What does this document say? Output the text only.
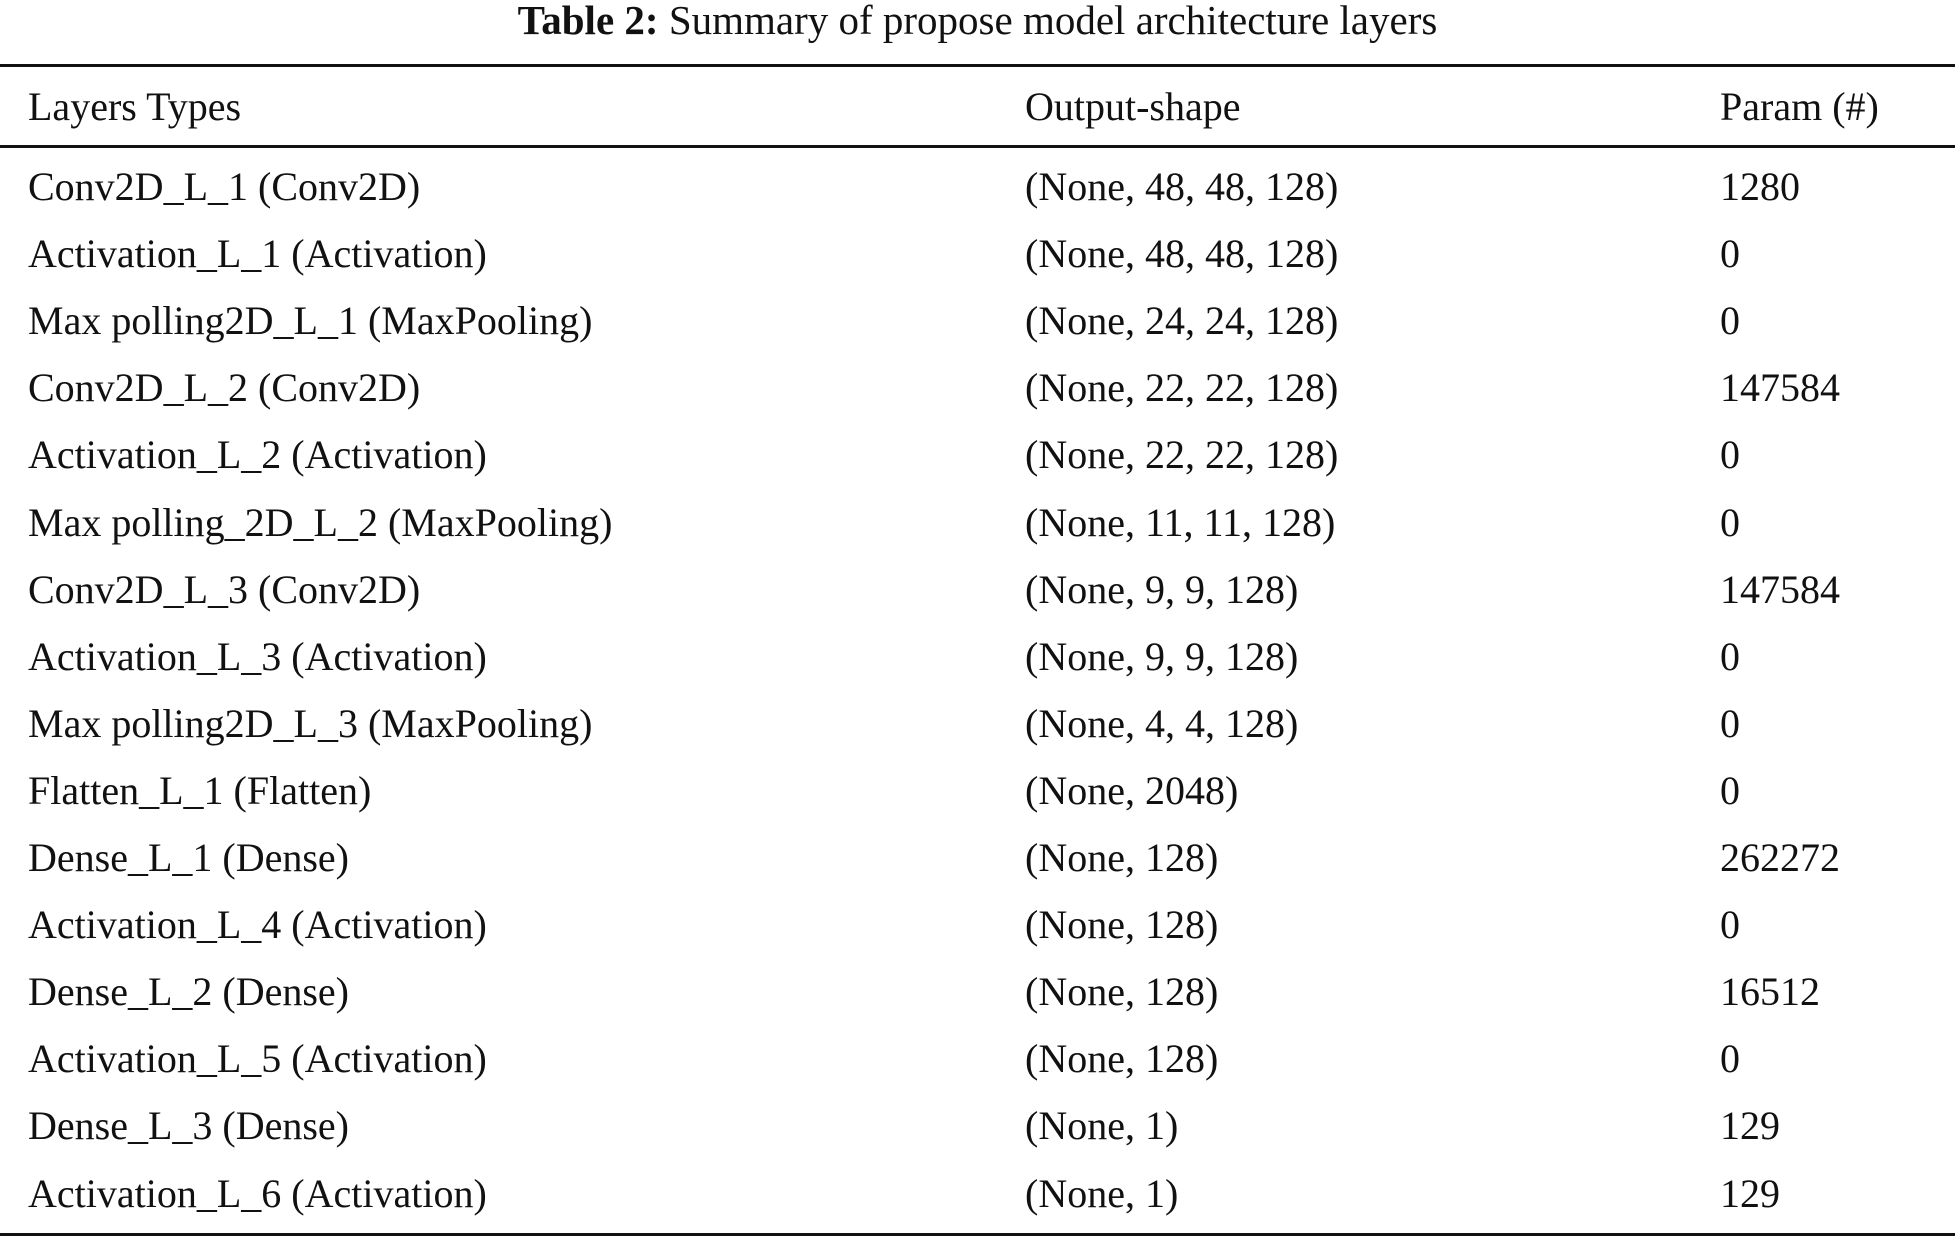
Table 2: Summary of propose model architecture layers
Layers Types	Output-shape	Param (#)
Conv2D_L_1 (Conv2D)	(None, 48, 48, 128)	1280
Activation_L_1 (Activation)	(None, 48, 48, 128)	0
Max polling2D_L_1 (MaxPooling)	(None, 24, 24, 128)	0
Conv2D_L_2 (Conv2D)	(None, 22, 22, 128)	147584
Activation_L_2 (Activation)	(None, 22, 22, 128)	0
Max polling_2D_L_2 (MaxPooling)	(None, 11, 11, 128)	0
Conv2D_L_3 (Conv2D)	(None, 9, 9, 128)	147584
Activation_L_3 (Activation)	(None, 9, 9, 128)	0
Max polling2D_L_3 (MaxPooling)	(None, 4, 4, 128)	0
Flatten_L_1 (Flatten)	(None, 2048)	0
Dense_L_1 (Dense)	(None, 128)	262272
Activation_L_4 (Activation)	(None, 128)	0
Dense_L_2 (Dense)	(None, 128)	16512
Activation_L_5 (Activation)	(None, 128)	0
Dense_L_3 (Dense)	(None, 1)	129
Activation_L_6 (Activation)	(None, 1)	129
